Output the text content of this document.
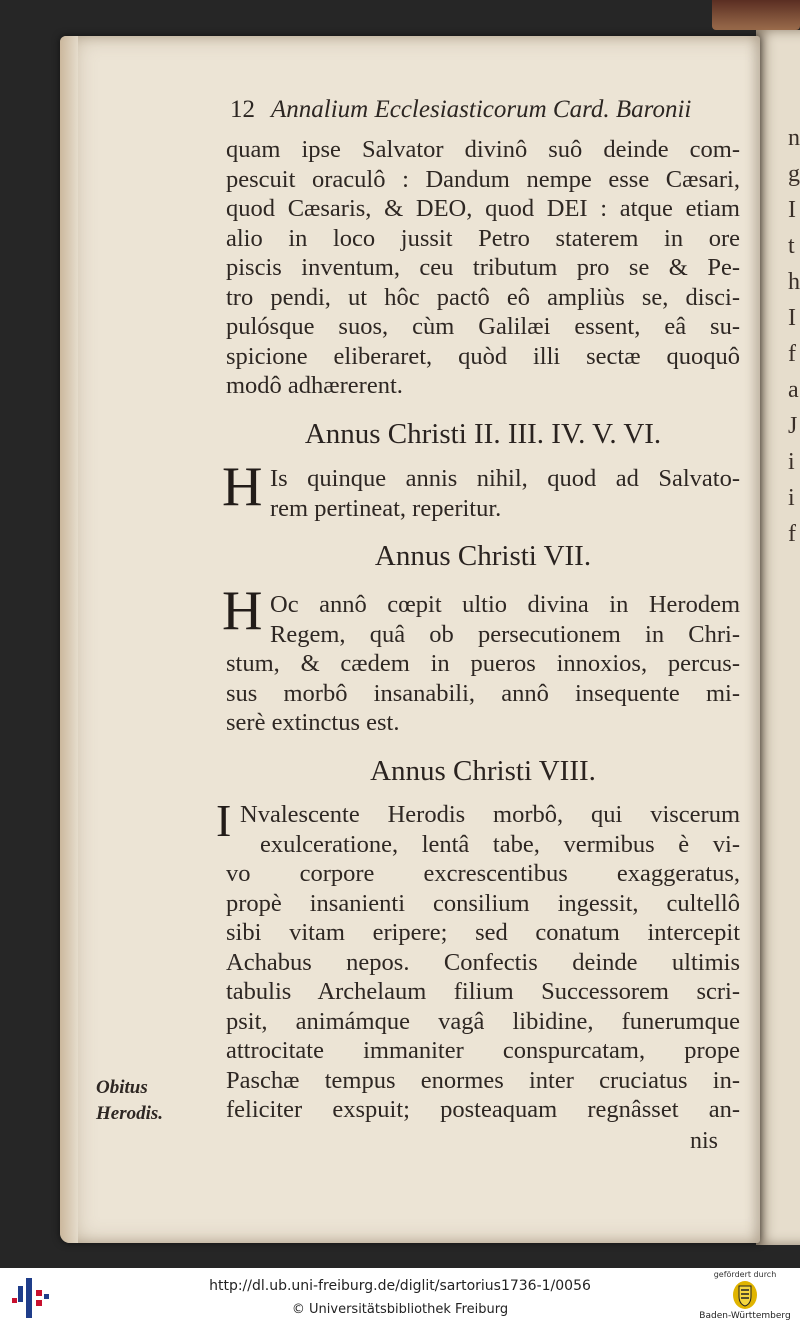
n
g
I
t
h
I
f
a
J
i
i
f
12 Annalium Ecclesiasticorum Card. Baronii
quam ipse Salvator divinô suô deinde com-
pescuit oraculô : Dandum nempe esse Cæsari,
quod Cæsaris, & DEO, quod DEI : atque etiam
alio in loco jussit Petro staterem in ore
piscis inventum, ceu tributum pro se & Pe-
tro pendi, ut hôc pactô eô ampliùs se, disci-
pulósque suos, cùm Galilæi essent, eâ su-
spicione eliberaret, quòd illi sectæ quoquô
modô adhærerent.
Annus Christi II. III. IV. V. VI.
H Is quinque annis nihil, quod ad Salvato-
rem pertineat, reperitur.
Annus Christi VII.
H Oc annô cœpit ultio divina in Herodem
Regem, quâ ob persecutionem in Chri-
stum, & cædem in pueros innoxios, percus-
sus morbô insanabili, annô insequente mi-
serè extinctus est.
Annus Christi VIII.
I Nvalescente Herodis morbô, qui viscerum
exulceratione, lentâ tabe, vermibus è vi-
vo corpore excrescentibus exaggeratus,
propè insanienti consilium ingessit, cultellô
sibi vitam eripere; sed conatum intercepit
Achabus nepos. Confectis deinde ultimis
tabulis Archelaum filium Successorem scri-
psit, animámque vagâ libidine, funerumque
attrocitate immaniter conspurcatam, prope
Paschæ tempus enormes inter cruciatus in-
feliciter exspuit; posteaquam regnâsset an-
Obitus
Herodis.
nis
http://dl.ub.uni-freiburg.de/diglit/sartorius1736-1/0056
© Universitätsbibliothek Freiburg
gefördert durch
Baden-Württemberg
